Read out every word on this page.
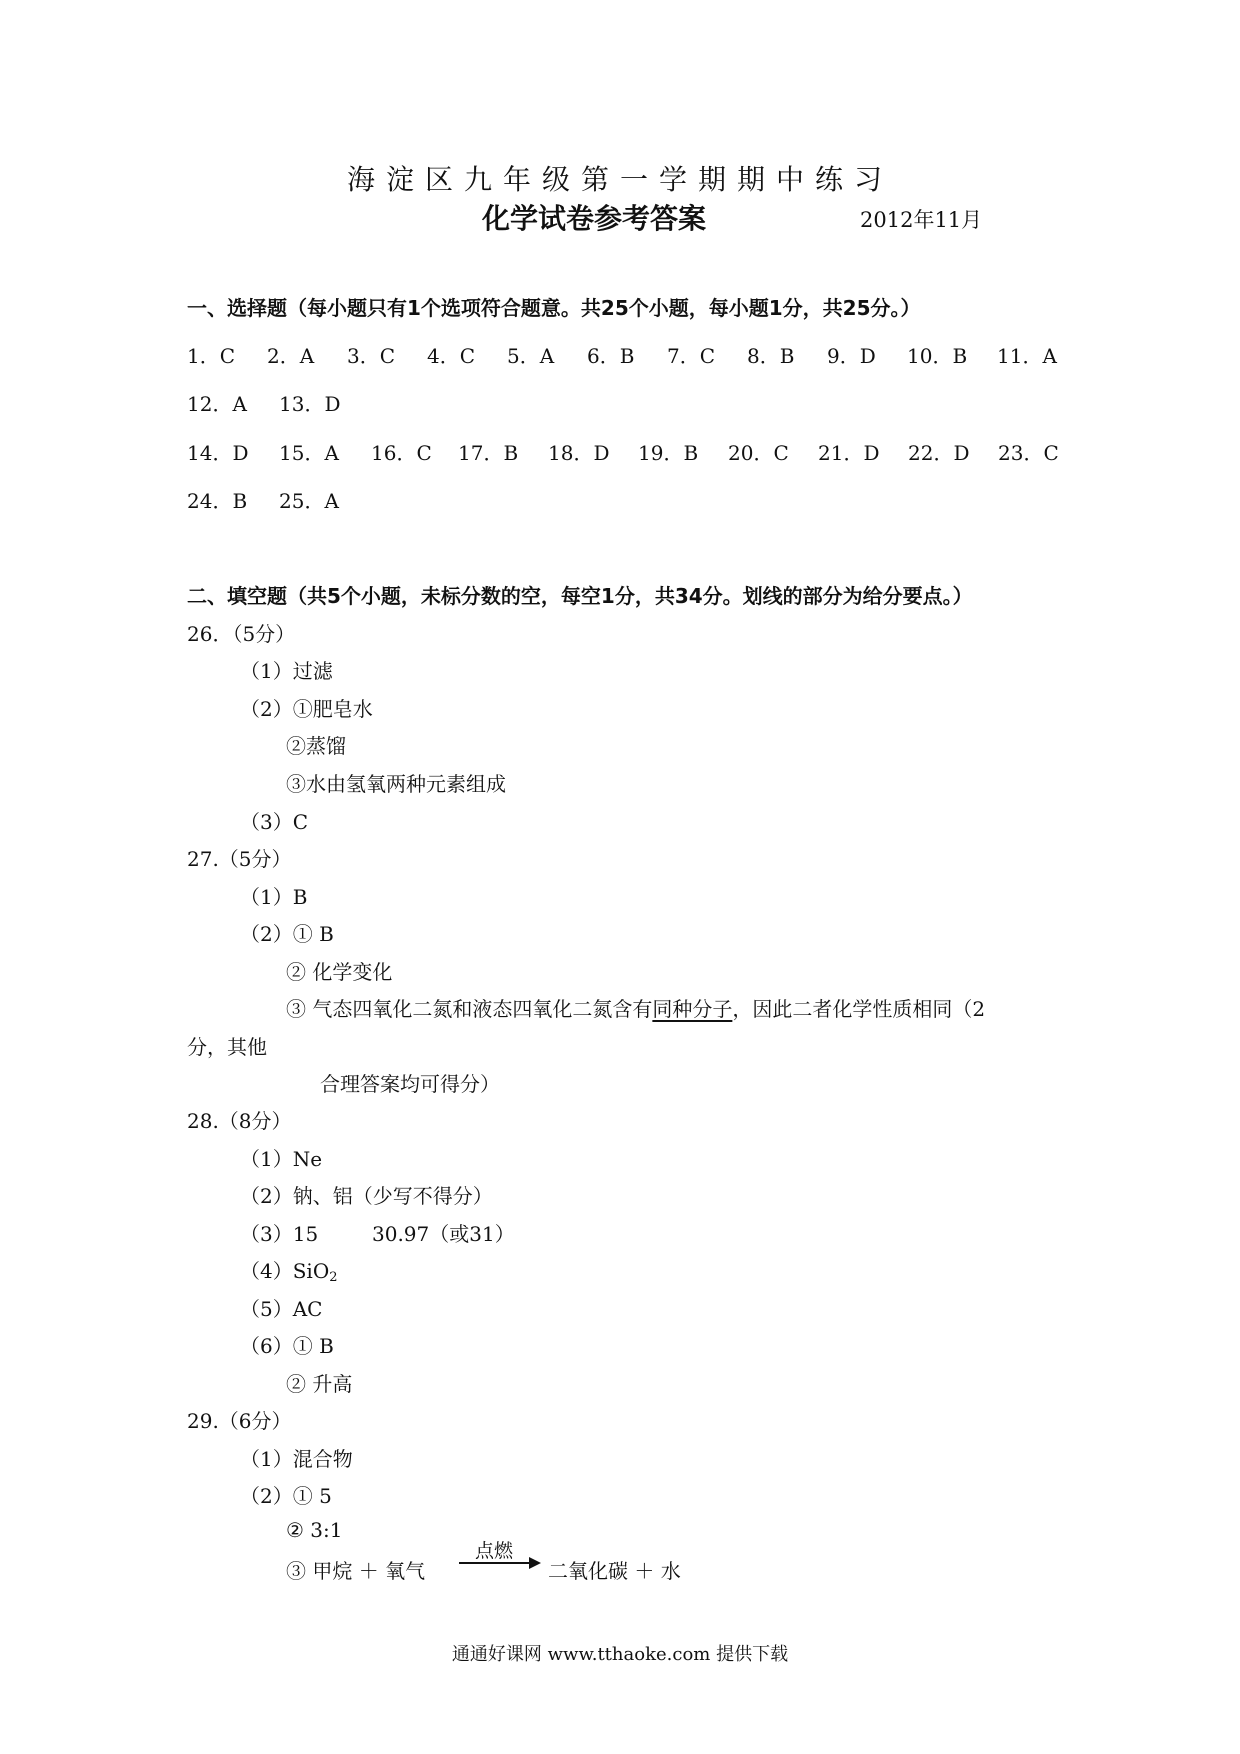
海淀区九年级第一学期期中练习
化学试卷参考答案	2012年11月
一、选择题（每小题只有1个选项符合题意。共25个小题，每小题1分，共25分。）
1．C 2．A 3．C 4．C 5．A 6．B 7．C 8．B 9．D 10．B 11．A
12．A 13．D
14．D 15．A 16．C 17．B 18．D 19．B 20．C 21．D 22．D 23．C
24．B 25．A
二、填空题（共5个小题，未标分数的空，每空1分，共34分。划线的部分为给分要点。）
26．（5分）
（1）过滤
（2）①肥皂水
②蒸馏
③水由氢氧两种元素组成
（3）C
27.（5分）
（1）B
（2）① B
② 化学变化
③ 气态四氧化二氮和液态四氧化二氮含有同种分子，因此二者化学性质相同（2
分，其他
合理答案均可得分）
28.（8分）
（1）Ne
（2）钠、铝（少写不得分）
（3）15	30.97（或31）
（4）SiO$_2$
（5）AC
（6）① B
② 升高
29.（6分）
（1）混合物
（2）① 5
② 3:1
③ 甲烷 ＋ 氧气
点燃
二氧化碳 ＋ 水
通通好课网 www.tthaoke.com 提供下载
